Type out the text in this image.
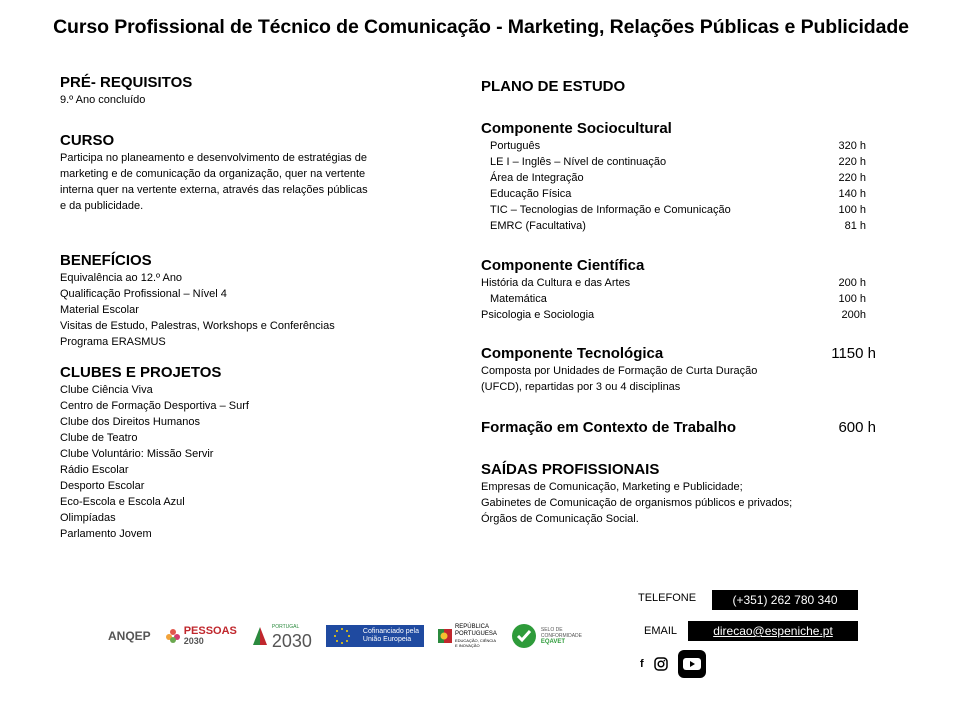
Curso Profissional de Técnico de Comunicação - Marketing, Relações Públicas e Publicidade

PRÉ- REQUISITOS

9.º Ano concluído

CURSO

Participa no planeamento e desenvolvimento de estratégias de

marketing e de comunicação da organização, quer na vertente

interna quer na vertente externa, através das relações públicas

e da publicidade.

BENEFÍCIOS

Equivalência ao 12.º Ano

Qualificação Profissional – Nível 4

Material Escolar

Visitas de Estudo, Palestras, Workshops e Conferências

Programa ERASMUS

CLUBES E PROJETOS

Clube Ciência Viva

Centro de Formação Desportiva – Surf

Clube dos Direitos Humanos

Clube de Teatro

Clube Voluntário: Missão Servir

Rádio Escolar

Desporto Escolar

Eco-Escola e Escola Azul

Olimpíadas

Parlamento Jovem

PLANO DE ESTUDO

Componente Sociocultural

Português	320 h
LE I – Inglês – Nível de continuação	220 h
Área de Integração	220 h
Educação Física	140 h
TIC – Tecnologias de Informação e Comunicação	100 h
EMRC (Facultativa)	81 h

Componente Científica

História da Cultura e das Artes	200 h
Matemática	100 h
Psicologia e Sociologia	200h
Componente Tecnológica	1150 h

Composta por Unidades de Formação de Curta Duração

(UFCD), repartidas por 3 ou 4 disciplinas

Formação em Contexto de Trabalho	600 h

SAÍDAS PROFISSIONAIS

Empresas de Comunicação, Marketing e Publicidade;

Gabinetes de Comunicação de organismos públicos e privados;

Órgãos de Comunicação Social.

ANQEP	PESSOAS
2030
PORTUGAL
2030	Cofinanciado pela
União Europeia
REPÚBLICA
PORTUGUESA
EDUCAÇÃO, CIÊNCIA
E INOVAÇÃO
SELO DE
CONFORMIDADE
EQAVET
TELEFONE	(+351) 262 780 340
EMAIL	direcao@espeniche.pt
f
